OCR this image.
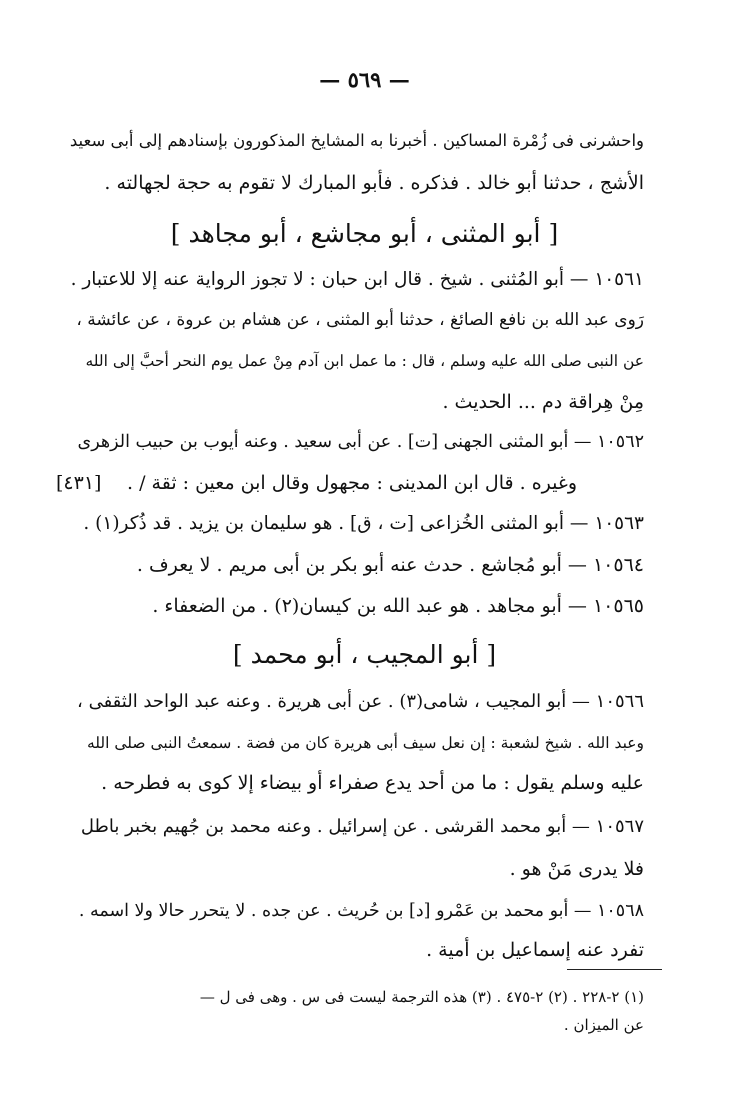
— ٥٦٩ —
واحشرنى فى زُمْرة المساكين . أخبرنا به المشايخ المذكورون بإسنادهم إلى أبى سعيد
الأشج ، حدثنا أبو خالد . فذكره . فأبو المبارك لا تقوم به حجة لجهالته .
[ أبو المثنى ، أبو مجاشع ، أبو مجاهد ]
١٠٥٦١ — أبو المُثنى . شيخ . قال ابن حبان : لا تجوز الرواية عنه إلا للاعتبار .
رَوى عبد الله بن نافع الصائغ ، حدثنا أبو المثنى ، عن هشام بن عروة ، عن عائشة ،
عن النبى صلى الله عليه وسلم ، قال : ما عمل ابن آدم مِنْ عمل يوم النحر أحبَّ إلى الله
مِنْ هِراقة دم ... الحديث .
١٠٥٦٢ — أبو المثنى الجهنى [ت] . عن أبى سعيد . وعنه أيوب بن حبيب الزهرى
وغيره . قال ابن المدينى : مجهول وقال ابن معين : ثقة / .
[٤٣١]
١٠٥٦٣ — أبو المثنى الخُزاعى [ت ، ق] . هو سليمان بن يزيد . قد ذُكر(١) .
١٠٥٦٤ — أبو مُجاشع . حدث عنه أبو بكر بن أبى مريم . لا يعرف .
١٠٥٦٥ — أبو مجاهد . هو عبد الله بن كيسان(٢) . من الضعفاء .
[ أبو المجيب ، أبو محمد ]
١٠٥٦٦ — أبو المجيب ، شامى(٣) . عن أبى هريرة . وعنه عبد الواحد الثقفى ،
وعبد الله . شيخ لشعبة : إن نعل سيف أبى هريرة كان من فضة . سمعتُ النبى صلى الله
عليه وسلم يقول : ما من أحد يدع صفراء أو بيضاء إلا كوى به فطرحه .
١٠٥٦٧ — أبو محمد القرشى . عن إسرائيل . وعنه محمد بن جُهيم بخبر باطل
فلا يدرى مَنْ هو .
١٠٥٦٨ — أبو محمد بن عَمْرو [د] بن حُريث . عن جده . لا يتحرر حالا ولا اسمه .
تفرد عنه إسماعيل بن أمية .
(١) ٢-٢٢٨ . (٢) ٢-٤٧٥ . (٣) هذه الترجمة ليست فى س . وهى فى ل —
عن الميزان .
